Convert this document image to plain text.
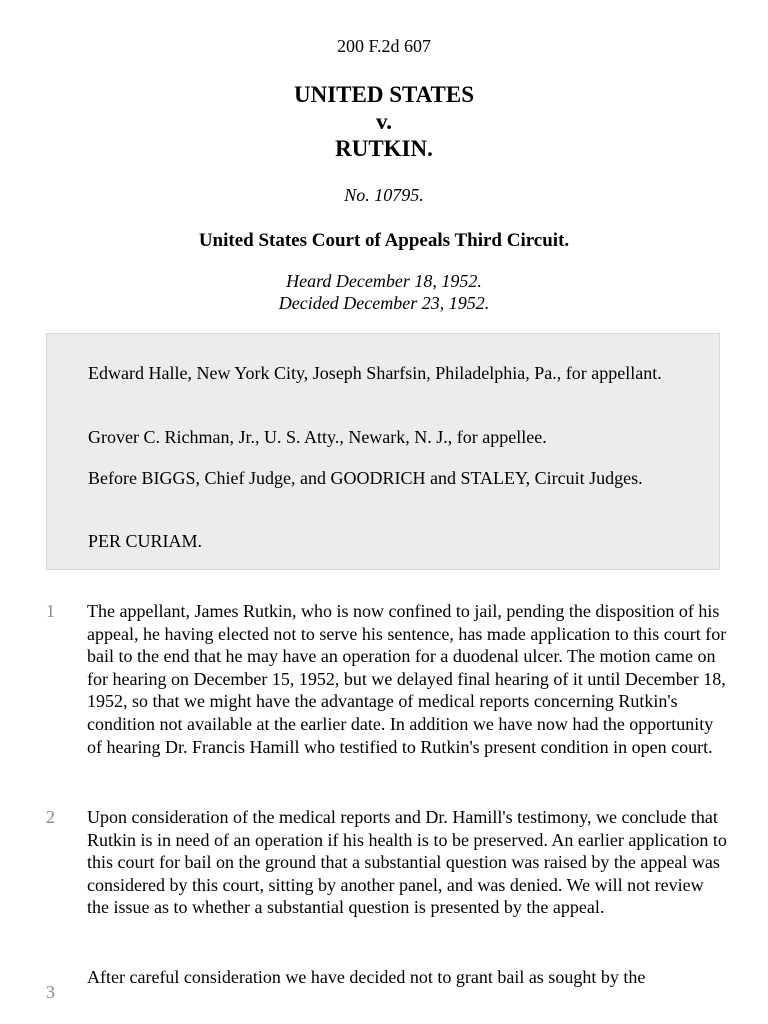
200 F.2d 607
UNITED STATES
v.
RUTKIN.
No. 10795.
United States Court of Appeals Third Circuit.
Heard December 18, 1952.
Decided December 23, 1952.

Edward Halle, New York City, Joseph Sharfsin, Philadelphia, Pa., for appellant.

Grover C. Richman, Jr., U. S. Atty., Newark, N. J., for appellee.

Before BIGGS, Chief Judge, and GOODRICH and STALEY, Circuit Judges.

PER CURIAM.

1 The appellant, James Rutkin, who is now confined to jail, pending the disposition of his appeal, he having elected not to serve his sentence, has made application to this court for bail to the end that he may have an operation for a duodenal ulcer. The motion came on for hearing on December 15, 1952, but we delayed final hearing of it until December 18, 1952, so that we might have the advantage of medical reports concerning Rutkin's condition not available at the earlier date. In addition we have now had the opportunity of hearing Dr. Francis Hamill who testified to Rutkin's present condition in open court.

2 Upon consideration of the medical reports and Dr. Hamill's testimony, we conclude that Rutkin is in need of an operation if his health is to be preserved. An earlier application to this court for bail on the ground that a substantial question was raised by the appeal was considered by this court, sitting by another panel, and was denied. We will not review the issue as to whether a substantial question is presented by the appeal.

3

After careful consideration we have decided not to grant bail as sought by the
